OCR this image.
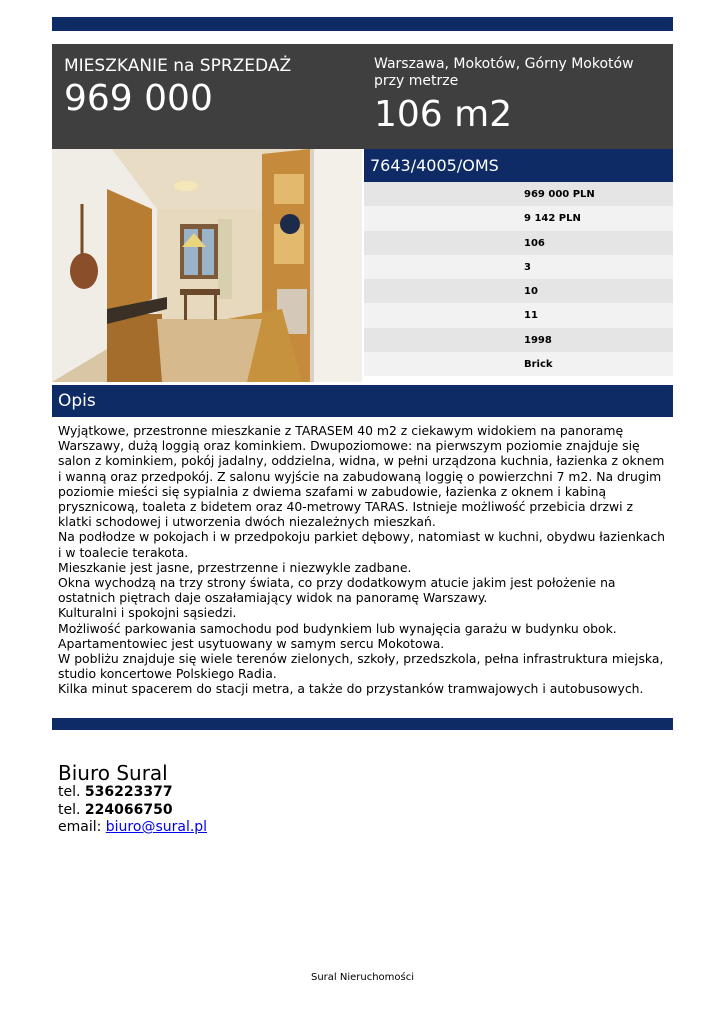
MIESZKANIE na SPRZEDAŻ
969 000
Warszawa, Mokotów, Górny Mokotów przy metrze
106 m2
7643/4005/OMS
969 000 PLN
9 142 PLN
106
3
10
11
1998
Brick
Opis
Wyjątkowe, przestronne mieszkanie z TARASEM 40 m2 z ciekawym widokiem na panoramę Warszawy, dużą loggią oraz kominkiem. Dwupoziomowe: na pierwszym poziomie znajduje się salon z kominkiem, pokój jadalny, oddzielna, widna, w pełni urządzona kuchnia, łazienka z oknem i wanną oraz przedpokój. Z salonu wyjście na zabudowaną loggię o powierzchni 7 m2. Na drugim poziomie mieści się sypialnia z dwiema szafami w zabudowie, łazienka z oknem i kabiną prysznicową, toaleta z bidetem oraz 40-metrowy TARAS. Istnieje możliwość przebicia drzwi z klatki schodowej i utworzenia dwóch niezależnych mieszkań.
Na podłodze w pokojach i w przedpokoju parkiet dębowy, natomiast w kuchni, obydwu łazienkach i w toalecie terakota.
Mieszkanie jest jasne, przestrzenne i niezwykle zadbane.
Okna wychodzą na trzy strony świata, co przy dodatkowym atucie jakim jest położenie na ostatnich piętrach daje oszałamiający widok na panoramę Warszawy.
Kulturalni i spokojni sąsiedzi.
Możliwość parkowania samochodu pod budynkiem lub wynajęcia garażu w budynku obok.
Apartamentowiec jest usytuowany w samym sercu Mokotowa.
W pobliżu znajduje się wiele terenów zielonych, szkoły, przedszkola, pełna infrastruktura miejska, studio koncertowe Polskiego Radia.
Kilka minut spacerem do stacji metra, a także do przystanków tramwajowych i autobusowych.
Biuro Sural
tel. 536223377
tel. 224066750
email: biuro@sural.pl
Sural Nieruchomości
